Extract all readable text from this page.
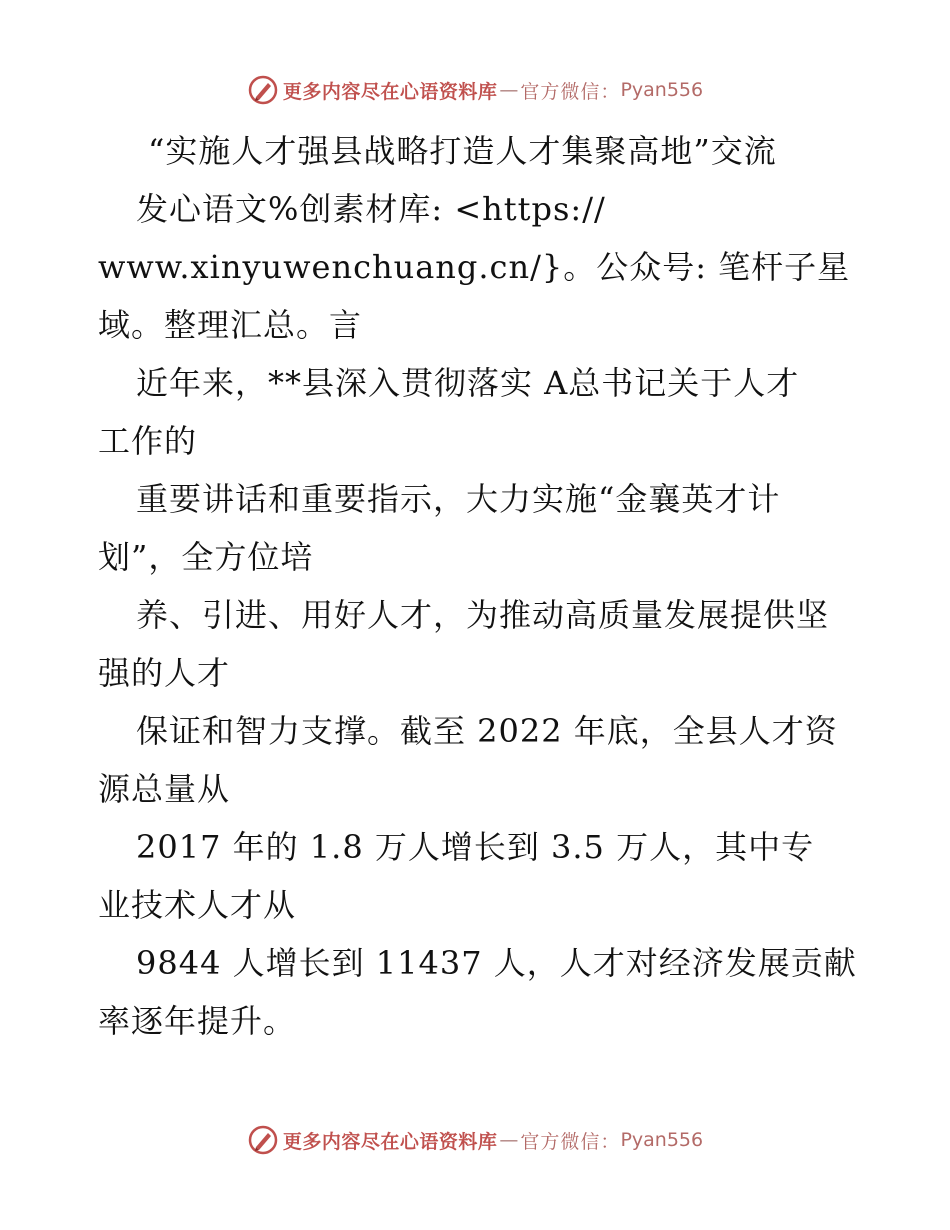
更多内容尽在心语资料库 — 官方微信： Pyan556
“实施人才强县战略打造人才集聚高地”交流
发心语文%创素材库: <https://
www.xinyuwenchuang.cn/}。公众号: 笔杆子星
域。整理汇总。言
近年来，**县深入贯彻落实 A总书记关于人才
工作的
重要讲话和重要指示，大力实施“金襄英才计
划”，全方位培
养、引进、用好人才，为推动高质量发展提供坚
强的人才
保证和智力支撑。截至 2022 年底，全县人才资
源总量从
2017 年的 1.8 万人增长到 3.5 万人，其中专
业技术人才从
9844 人增长到 11437 人，人才对经济发展贡献
率逐年提升。
更多内容尽在心语资料库 — 官方微信： Pyan556
